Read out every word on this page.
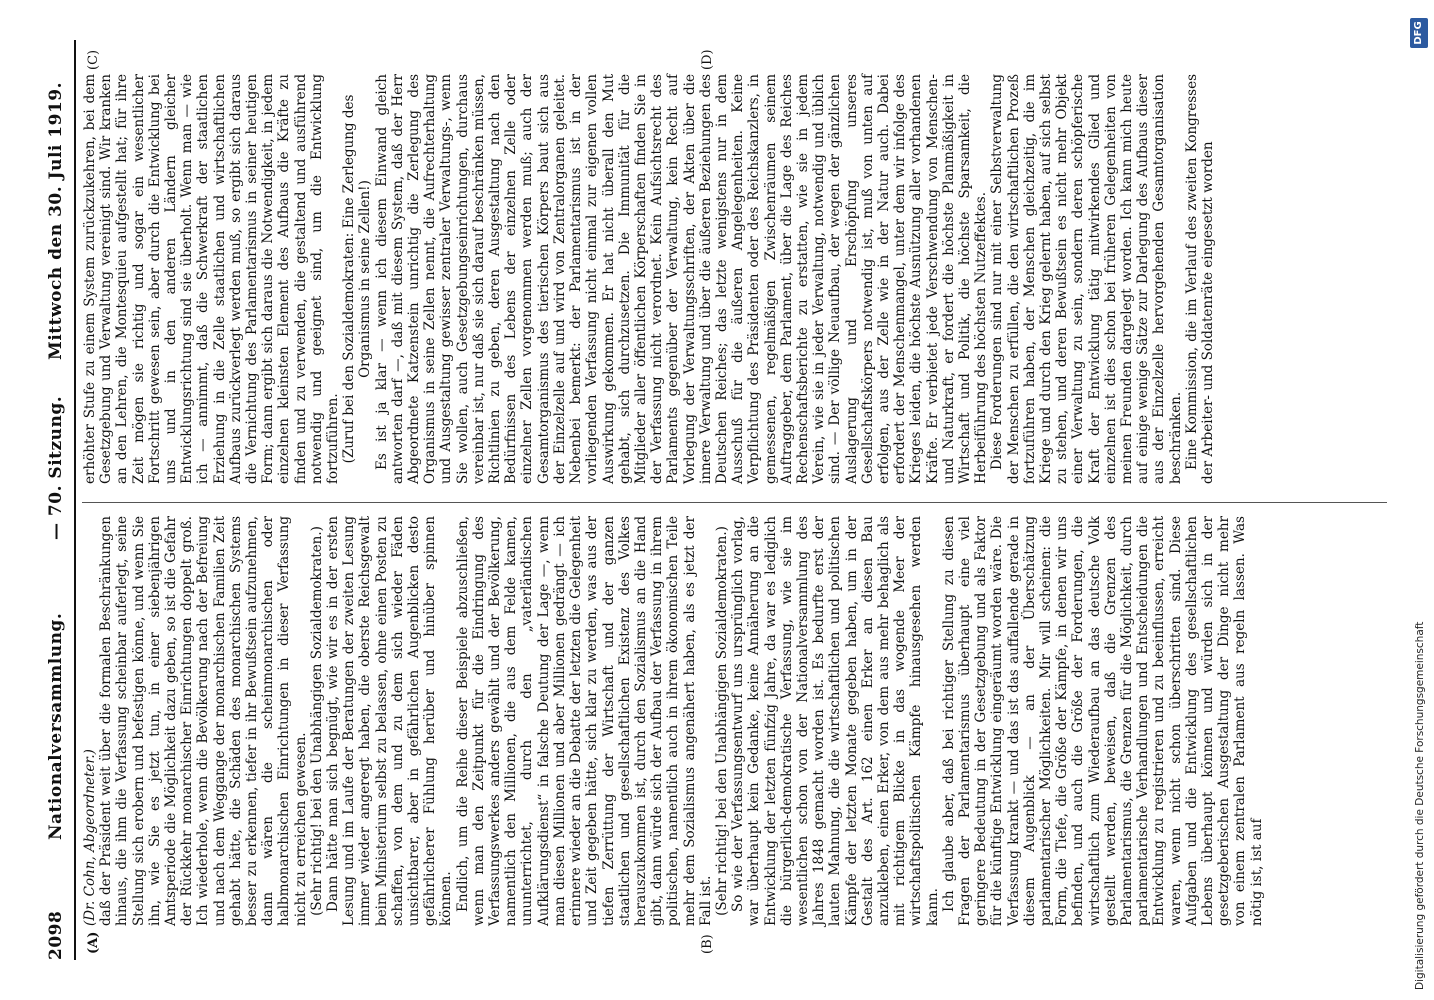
2098
Nationalversammlung.
— 70. Sitzung.
Mittwoch den 30. Juli 1919.
(A)	(B)
(C)	(D)

(Dr. Cohn, Abgeordneter.) daß der Präsident weit über die formalen Beschränkungen hinaus, die ihm die Verfassung scheinbar auferlegt, seine Stellung sich erobern und befestigen könne, und wenn Sie ihn, wie Sie es jetzt tun, in einer siebenjährigen Amtsperiode die Möglichkeit dazu geben, so ist die Gefahr der Rückkehr monarchischer Einrichtungen doppelt groß. Ich wiederhole, wenn die Bevölkerung nach der Befreiung und nach dem Weggange der monarchischen Familien Zeit gehabt hätte, die Schäden des monarchischen Systems besser zu erkennen, tiefer in ihr Bewußtsein aufzunehmen, dann wären die scheinmonarchischen oder halbmonarchischen Einrichtungen in dieser Verfassung nicht zu erreichen gewesen. (Sehr richtig! bei den Unabhängigen Sozialdemokraten.) Dann hätte man sich begnügt, wie wir es in der ersten Lesung und im Laufe der Beratungen der zweiten Lesung immer wieder angeregt haben, die oberste Reichsgewalt beim Ministerium selbst zu belassen, ohne einen Posten zu schaffen, von dem und zu dem sich wieder Fäden unsichtbarer, aber in gefährlichen Augenblicken desto gefährlicherer Fühlung herüber und hinüber spinnen können. Endlich, um die Reihe dieser Beispiele abzuschließen, wenn man den Zeitpunkt für die Eindringung des Verfassungswerkes anders gewählt und der Bevölkerung, namentlich den Millionen, die aus dem Felde kamen, ununterrichtet, durch den „vaterländischen Aufklärungsdienst“ in falsche Deutung der Lage —, wenn man diesen Millionen und aber Millionen gedrängt — ich erinnere wieder an die Debatte der letzten die Gelegenheit und Zeit gegeben hätte, sich klar zu werden, was aus der tiefen Zerrüttung der Wirtschaft und der ganzen staatlichen und gesellschaftlichen Existenz des Volkes herauszukommen ist, durch den Sozialismus an die Hand gibt, dann würde sich der Aufbau der Verfassung in ihrem politischen, namentlich auch in ihrem ökonomischen Teile mehr dem Sozialismus angenähert haben, als es jetzt der Fall ist. (Sehr richtig! bei den Unabhängigen Sozialdemokraten.) So wie der Verfassungsentwurf uns ursprünglich vorlag, war überhaupt kein Gedanke, keine Annäherung an die Entwicklung der letzten fünfzig Jahre, da war es lediglich die bürgerlich-demokratische Verfassung, wie sie im wesentlichen schon von der Nationalversammlung des Jahres 1848 gemacht worden ist. Es bedurfte erst der lauten Mahnung, die die wirtschaftlichen und politischen Kämpfe der letzten Monate gegeben haben, um in der Gestalt des Art. 162 einen Erker an diesen Bau anzukleben, einen Erker, von dem aus mehr behaglich als mit richtigem Blicke in das wogende Meer der wirtschaftspolitischen Kämpfe hinausgesehen werden kann. Ich glaube aber, daß bei richtiger Stellung zu diesen Fragen der Parlamentarismus überhaupt eine viel geringere Bedeutung in der Gesetzgebung und als Faktor für die künftige Entwicklung eingeräumt worden wäre. Die Verfassung krankt — und das ist das auffallende gerade in diesem Augenblick — an der Überschätzung parlamentarischer Möglichkeiten. Mir will scheinen: die Form, die Tiefe, die Größe der Kämpfe, in denen wir uns befinden, und auch die Größe der Forderungen, die wirtschaftlich zum Wiederaufbau an das deutsche Volk gestellt werden, beweisen, daß die Grenzen des Parlamentarismus, die Grenzen für die Möglichkeit, durch parlamentarische Verhandlungen und Entscheidungen die Entwicklung zu registrieren und zu beeinflussen, erreicht waren, wenn nicht schon überschritten sind. Diese Aufgaben und die Entwicklung des gesellschaftlichen Lebens überhaupt können und würden sich in der gesetzgeberischen Ausgestaltung der Dinge nicht mehr von einem zentralen Parlament aus regeln lassen. Was nötig ist, ist auf

erhöhter Stufe zu einem System zurückzukehren, bei dem Gesetzgebung und Verwaltung vereinigt sind. Wir kranken an den Lehren, die Montesquieu aufgestellt hat; für ihre Zeit mögen sie richtig und sogar ein wesentlicher Fortschritt gewesen sein, aber durch die Entwicklung bei uns und in den anderen Ländern gleicher Entwicklungsrichtung sind sie überholt. Wenn man — wie ich — annimmt, daß die Schwerkraft der staatlichen Erziehung in die Zelle staatlichen und wirtschaftlichen Aufbaus zurückverlegt werden muß, so ergibt sich daraus die Vernichtung des Parlamentarismus in seiner heutigen Form; dann ergibt sich daraus die Notwendigkeit, in jedem einzelnen kleinsten Element des Aufbaus die Kräfte zu finden und zu verwenden, die gestaltend und ausführend notwendig und geeignet sind, um die Entwicklung fortzuführen. (Zuruf bei den Sozialdemokraten: Eine Zerlegung des Organismus in seine Zellen!) Es ist ja klar — wenn ich diesem Einwand gleich antworten darf —, daß mit diesem System, daß der Herr Abgeordnete Katzenstein unrichtig die Zerlegung des Organismus in seine Zellen nennt, die Aufrechterhaltung und Ausgestaltung gewisser zentraler Verwaltungs-, wenn Sie wollen, auch Gesetzgebungseinrichtungen, durchaus vereinbar ist, nur daß sie sich darauf beschränken müssen, Richtlinien zu geben, deren Ausgestaltung nach den Bedürfnissen des Lebens der einzelnen Zelle oder einzelner Zellen vorgenommen werden muß; auch der Gesamtorganismus des tierischen Körpers baut sich aus der Einzelzelle auf und wird von Zentralorganen geleitet. Nebenbei bemerkt: der Parlamentarismus ist in der vorliegenden Verfassung nicht einmal zur eigenen vollen Auswirkung gekommen. Er hat nicht überall den Mut gehabt, sich durchzusetzen. Die Immunität für die Mitglieder aller öffentlichen Körperschaften finden Sie in der Verfassung nicht verordnet. Kein Aufsichtsrecht des Parlaments gegenüber der Verwaltung, kein Recht auf Vorlegung der Verwaltungsschriften, der Akten über die innere Verwaltung und über die äußeren Beziehungen des Deutschen Reiches; das letzte wenigstens nur in dem Ausschuß für die äußeren Angelegenheiten. Keine Verpflichtung des Präsidenten oder des Reichskanzlers, in gemessenen, regelmäßigen Zwischenräumen seinem Auftraggeber, dem Parlament, über die Lage des Reiches Rechenschaftsberichte zu erstatten, wie sie in jedem Verein, wie sie in jeder Verwaltung, notwendig und üblich sind. — Der völlige Neuaufbau, der wegen der gänzlichen Auslagerung und Erschöpfung unseres Gesellschaftskörpers notwendig ist, muß von unten auf erfolgen, aus der Zelle wie in der Natur auch. Dabei erfordert der Menschenmangel, unter dem wir infolge des Krieges leiden, die höchste Ausnützung aller vorhandenen Kräfte. Er verbietet jede Verschwendung von Menschen- und Naturkraft, er fordert die höchste Planmäßigkeit in Wirtschaft und Politik, die höchste Sparsamkeit, die Herbeiführung des höchsten Nutzeffektes. Diese Forderungen sind nur mit einer Selbstverwaltung der Menschen zu erfüllen, die den wirtschaftlichen Prozeß fortzuführen haben, der Menschen gleichzeitig, die im Kriege und durch den Krieg gelernt haben, auf sich selbst zu stehen, und deren Bewußtsein es nicht mehr Objekt einer Verwaltung zu sein, sondern deren schöpferische Kraft der Entwicklung tätig mitwirkendes Glied und einzelnen ist dies schon bei früheren Gelegenheiten von meinen Freunden dargelegt worden. Ich kann mich heute auf einige wenige Sätze zur Darlegung des Aufbaus dieser aus der Einzelzelle hervorgehenden Gesamtorganisation beschränken. Eine Kommission, die im Verlauf des zweiten Kongresses der Arbeiter- und Soldatenräte eingesetzt worden

Digitalisierung gefördert durch die Deutsche Forschungsgemeinschaft
DFG
